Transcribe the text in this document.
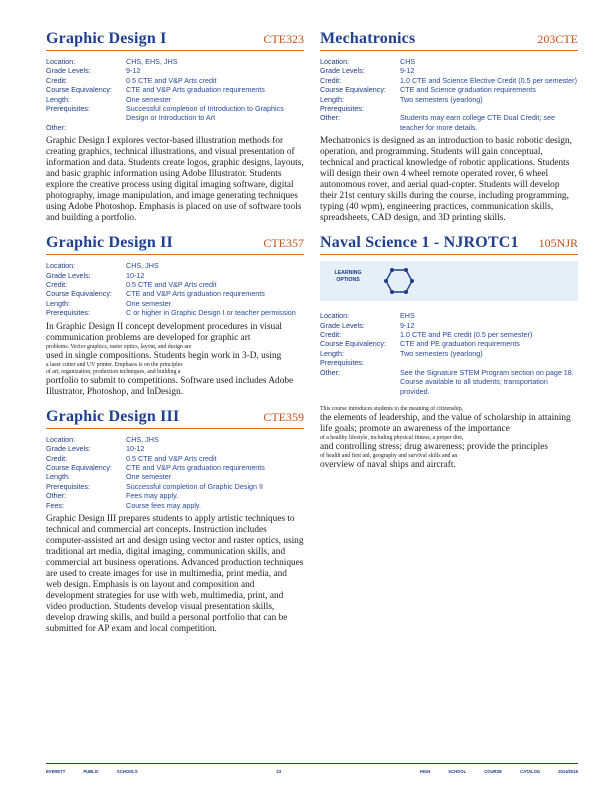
Graphic Design I	CTE323
Location:	CHS, EHS, JHS
Grade Levels:	9-12
Credit:	0.5 CTE and V&P Arts credit
Course Equivalency:	CTE and V&P Arts graduation requirements
Length:	One semester
Prerequisites:	Successful completion of Introduction to Graphics Design or Introduction to Art
Other:
Graphic Design I explores vector-based illustration methods for creating graphics, technical illustrations, and visual presentation of information and data. Students create logos, graphic designs, layouts, and basic graphic information using Adobe Illustrator. Students explore the creative process using digital imaging software, digital photography, image manipulation, and image generating techniques using Adobe Photoshop. Emphasis is placed on use of software tools and building a portfolio.
Graphic Design II	CTE357
Location:	CHS, JHS
Grade Levels:	10-12
Credit:	0.5 CTE and V&P Arts credit
Course Equivalency:	CTE and V&P Arts graduation requirements
Length:	One semester
Prerequisites:	C or higher in Graphic Design I or teacher permission
In Graphic Design II concept development procedures in visual communication problems are developed for graphic art
problems. Vector graphics, raster optics, layout, and design are
used in single compositions. Students begin work in 3-D, using
a laser cutter and UV printer. Emphasis is on the principles
of art, organization, production techniques, and building a
portfolio to submit to competitions. Software used includes Adobe Illustrator, Photoshop, and InDesign.
Graphic Design III	CTE359
Location:	CHS, JHS
Grade Levels:	10-12
Credit:	0.5 CTE and V&P Arts credit
Course Equivalency:	CTE and V&P Arts graduation requirements
Length:	One semester
Prerequisites:	Successful completion of Graphic Design II
Other:	Fees may apply.
Fees:	Course fees may apply.
Graphic Design III prepares students to apply artistic techniques to technical and commercial art concepts. Instruction includes computer-assisted art and design using vector and raster optics, using traditional art media, digital imaging, communication skills, and commercial art business operations. Advanced production techniques are used to create images for use in multimedia, print media, and web design. Emphasis is on layout and composition and development strategies for use with web, multimedia, print, and video production. Students develop visual presentation skills, develop drawing skills, and build a personal portfolio that can be submitted for AP exam and local competition.
Mechatronics	203CTE
Location:	CHS
Grade Levels:	9-12
Credit:	1.0 CTE and Science Elective Credit (0.5 per semester)
Course Equivalency:	CTE and Science graduation requirements
Length:	Two semesters (yearlong)
Prerequisites:
Other:	Students may earn college CTE Dual Credit; see teacher for more details.
Mechatronics is designed as an introduction to basic robotic design, operation, and programming. Students will gain conceptual, technical and practical knowledge of robotic applications. Students will design their own 4 wheel remote operated rover, 6 wheel autonomous rover, and aerial quad-copter. Students will develop their 21st century skills during the course, including programming, typing (40 wpm), engineering practices, communication skills, spreadsheets, CAD design, and 3D printing skills.
Naval Science 1 - NJROTC1 105NJR
LEARNING OPTIONS
Location:	EHS
Grade Levels:	9-12
Credit:	1.0 CTE and PE credit (0.5 per semester)
Course Equivalency:	CTE and PE graduation requirements
Length:	Two semesters (yearlong)
Prerequisites:
Other:	See the Signature STEM Program section on page 18. Course available to all students; transportation provided.
This course introduces students to the meaning of citizenship,
the elements of leadership, and the value of scholarship in attaining life goals; promote an awareness of the importance
of a healthy lifestyle, including physical fitness, a proper diet,
and controlling stress; drug awareness; provide the principles
of health and first aid, geography and survival skills and an
overview of naval ships and aircraft.
EVERETT	PUBLIC	SCHOOLS	23	HIGH	SCHOOL	COURSE	CATALOG	2014/2015
